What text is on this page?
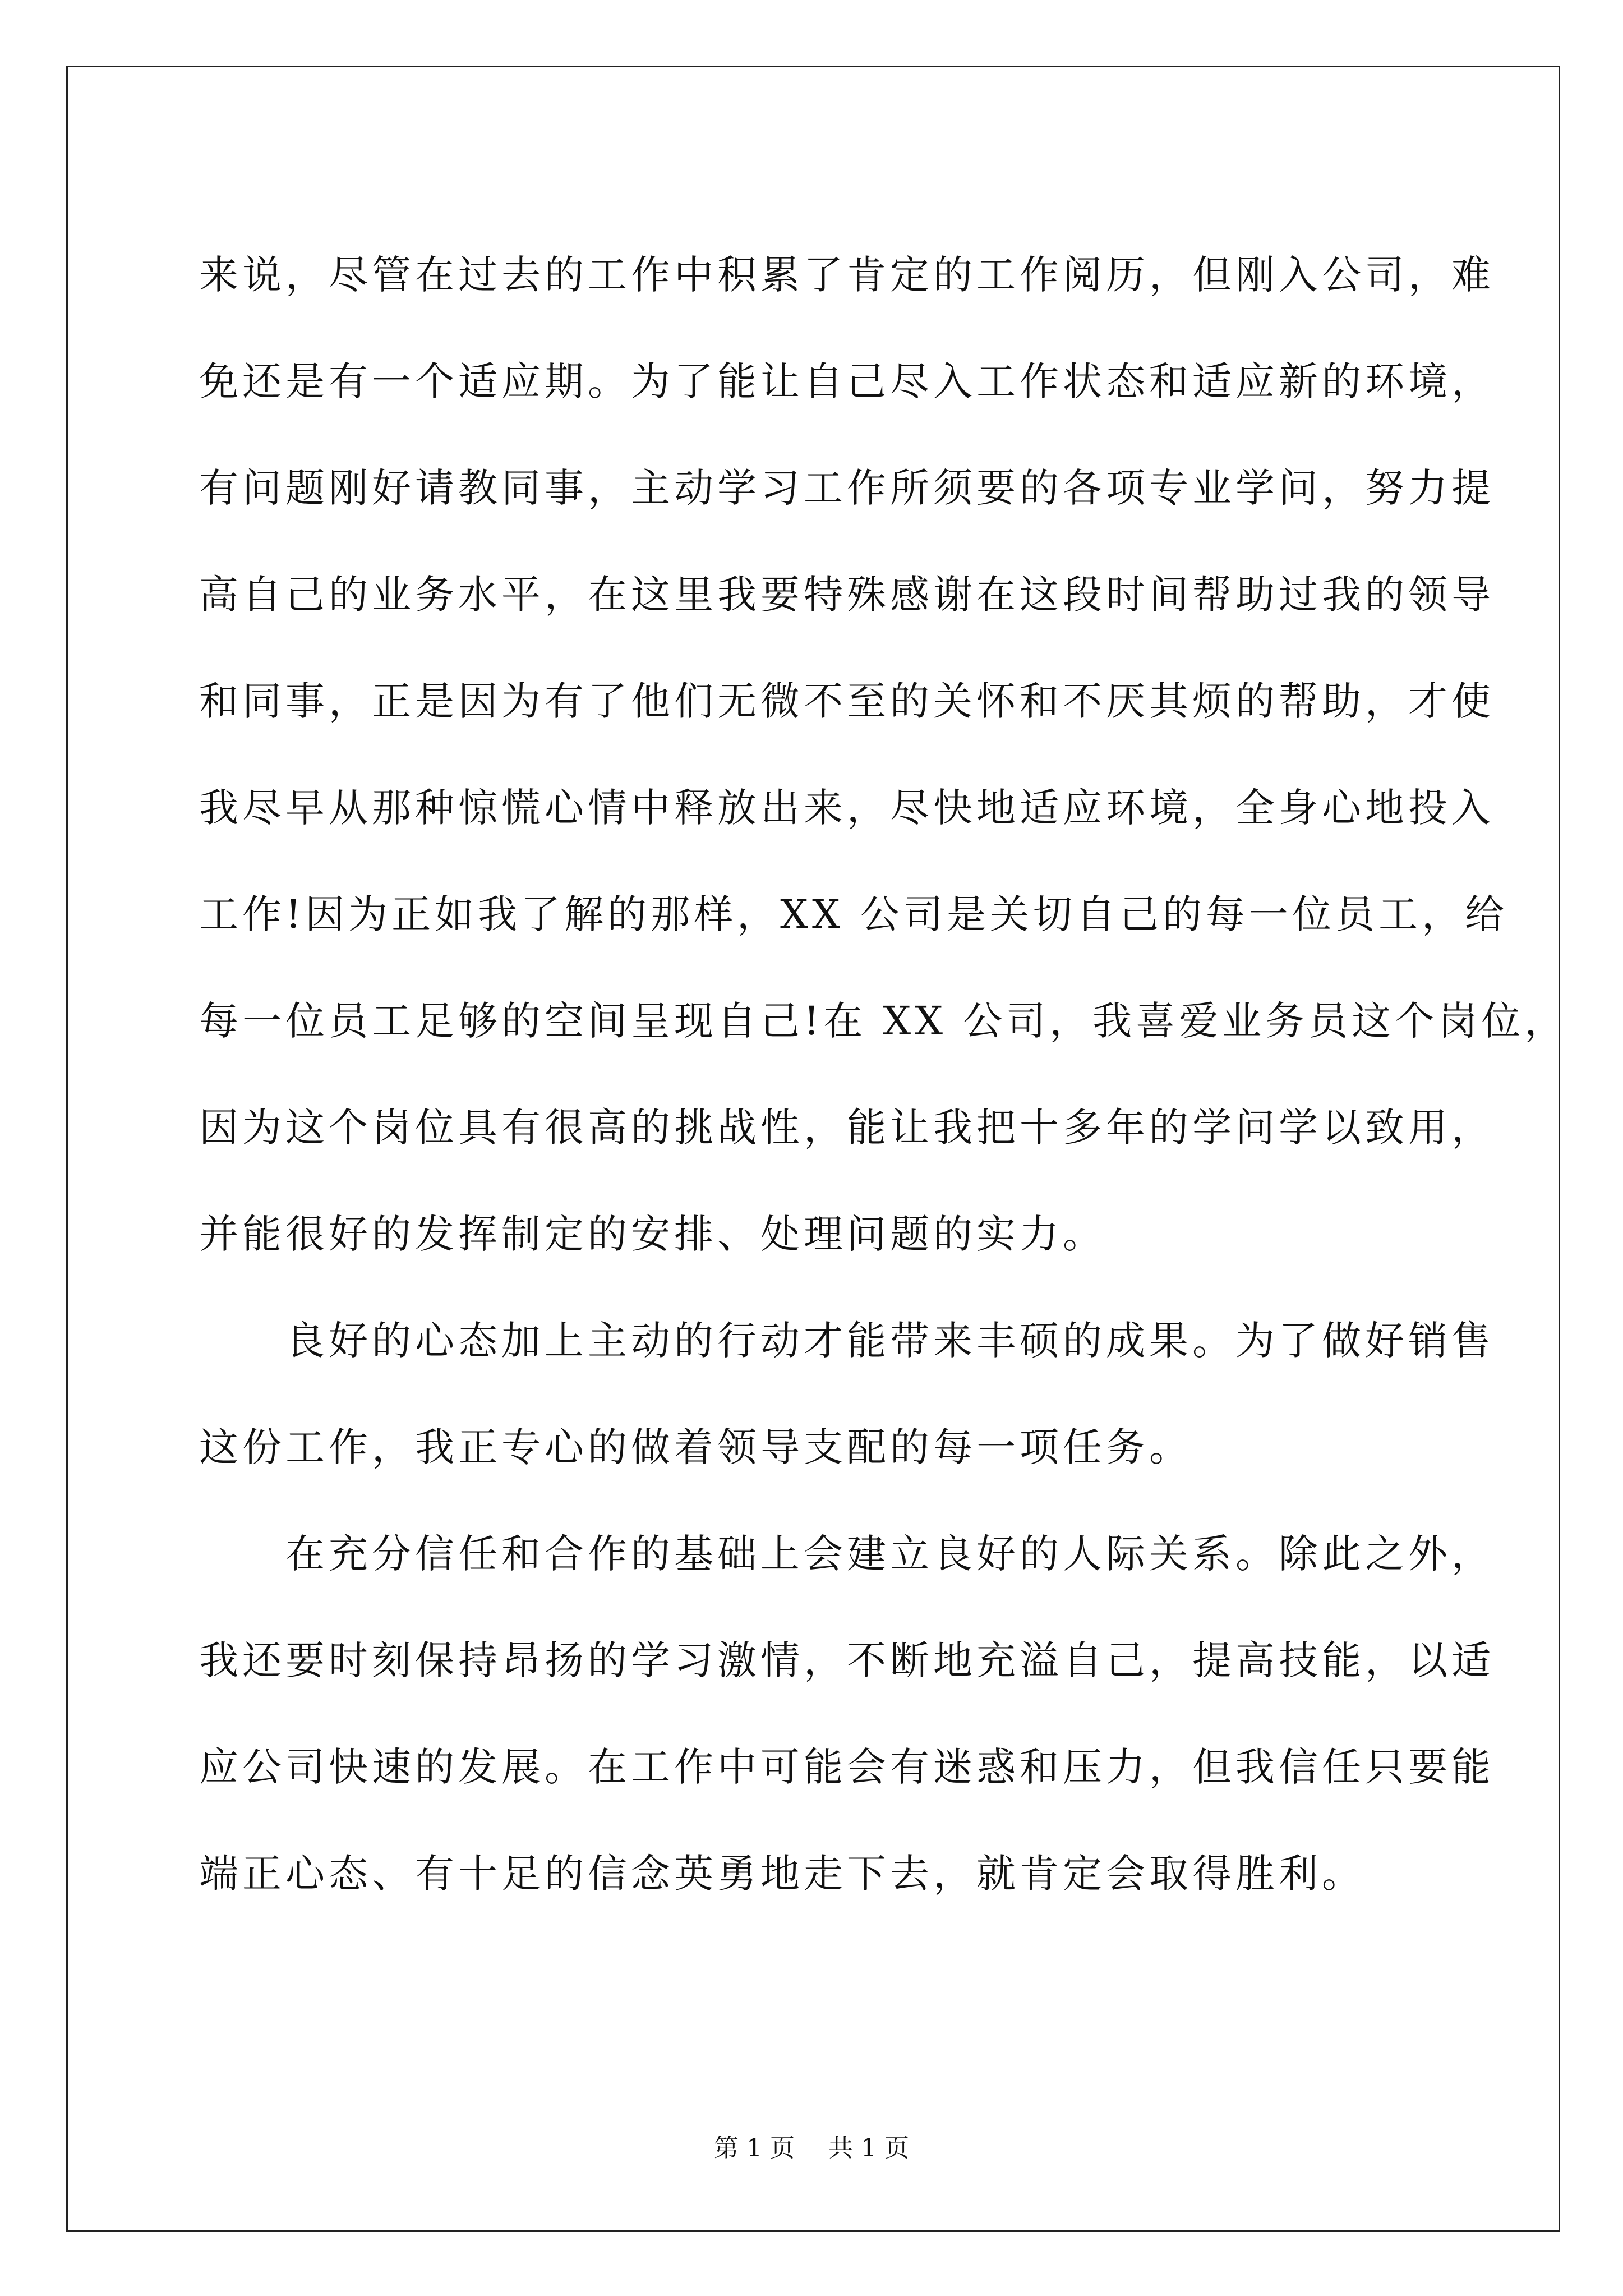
来说，尽管在过去的工作中积累了肯定的工作阅历，但刚入公司，难
免还是有一个适应期。为了能让自己尽入工作状态和适应新的环境，
有问题刚好请教同事，主动学习工作所须要的各项专业学问，努力提
高自己的业务水平，在这里我要特殊感谢在这段时间帮助过我的领导
和同事，正是因为有了他们无微不至的关怀和不厌其烦的帮助，才使
我尽早从那种惊慌心情中释放出来，尽快地适应环境，全身心地投入
工作!因为正如我了解的那样，XX 公司是关切自己的每一位员工，给
每一位员工足够的空间呈现自己!在 XX 公司，我喜爱业务员这个岗位，
因为这个岗位具有很高的挑战性，能让我把十多年的学问学以致用，
并能很好的发挥制定的安排、处理问题的实力。
　　良好的心态加上主动的行动才能带来丰硕的成果。为了做好销售
这份工作，我正专心的做着领导支配的每一项任务。
　　在充分信任和合作的基础上会建立良好的人际关系。除此之外，
我还要时刻保持昂扬的学习激情，不断地充溢自己，提高技能，以适
应公司快速的发展。在工作中可能会有迷惑和压力，但我信任只要能
端正心态、有十足的信念英勇地走下去，就肯定会取得胜利。
第 1 页 共 1 页
